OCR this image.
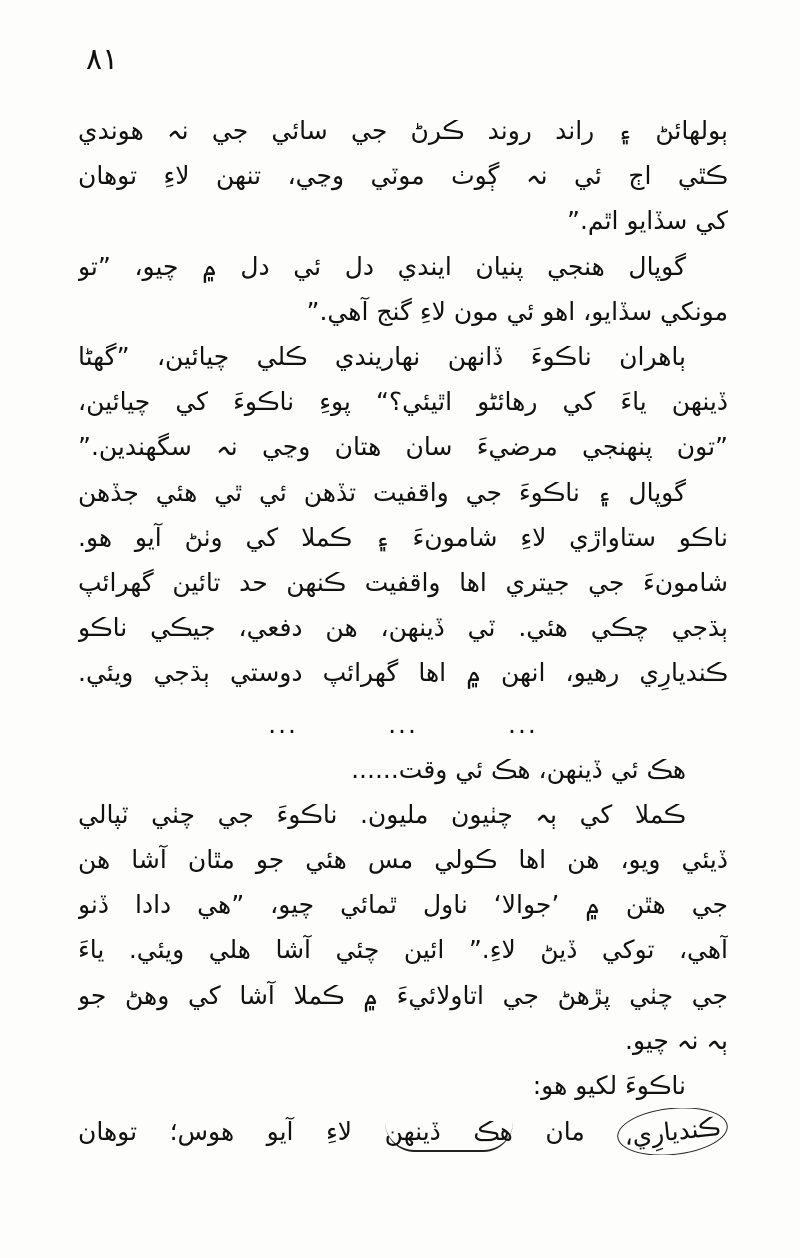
٨١
ٻولھائڻ ۽ راند روند ڪرڻ جي سائي جي نہ ھوندي
ڪٿي اڄ ئي نہ ڳوٺ موٽي وڃي، تنھن لاءِ توھان
کي سڏايو اٿم.”
گوپال ھنجي پنيان ايندي دل ئي دل ۾ چيو، ”تو
مونکي سڏايو، اھو ئي مون لاءِ گنج آھي.”
ٻاھران ناڪوءَ ڏانھن نھاريندي ڪلي چيائين، ”گھڻا
ڏينھن ياءَ کي رھائڻو اٿيئي؟“ پوءِ ناڪوءَ کي چيائين،
”تون پنھنجي مرضيءَ سان ھتان وڃي نہ سگھندين.”
گوپال ۽ ناڪوءَ جي واقفيت تڏھن ئي ٿي ھئي جڏھن
ناڪو ستاواڙي لاءِ شامونءَ ۽ ڪملا کي وٺڻ آيو ھو.
شامونءَ جي جيتري اھا واقفيت ڪنھن حد تائين گھرائپ
ٻڌجي چڪي ھئي. ٽي ڏينھن، ھن دفعي، جيڪي ناڪو
ڪنديارِي رھيو، انھن ۾ اھا گھرائپ دوستي ٻڌجي ويئي.
...	...	...
ھڪ ئي ڏينھن، ھڪ ئي وقت......
ڪملا کي ٻہ چٺيون مليون. ناڪوءَ جي چٺي ٽپالي
ڏيئي ويو، ھن اھا ڪولي مس ھئي جو مٿان آشا ھن
جي ھٿن ۾ ’جوالا‘ ناول ٿمائي چيو، ”ھي دادا ڏنو
آھي، توکي ڏيڻ لاءِ.” ائين چئي آشا ھلي ويئي. ياءَ
جي چٺي پڙھڻ جي اتاولائيءَ ۾ ڪملا آشا کي وھڻ جو
ٻہ نہ چيو.
ناڪوءَ لکيو ھو:
ڪنديارِي، مان ھڪ ڏينھن لاءِ آيو ھوس؛ توھان
